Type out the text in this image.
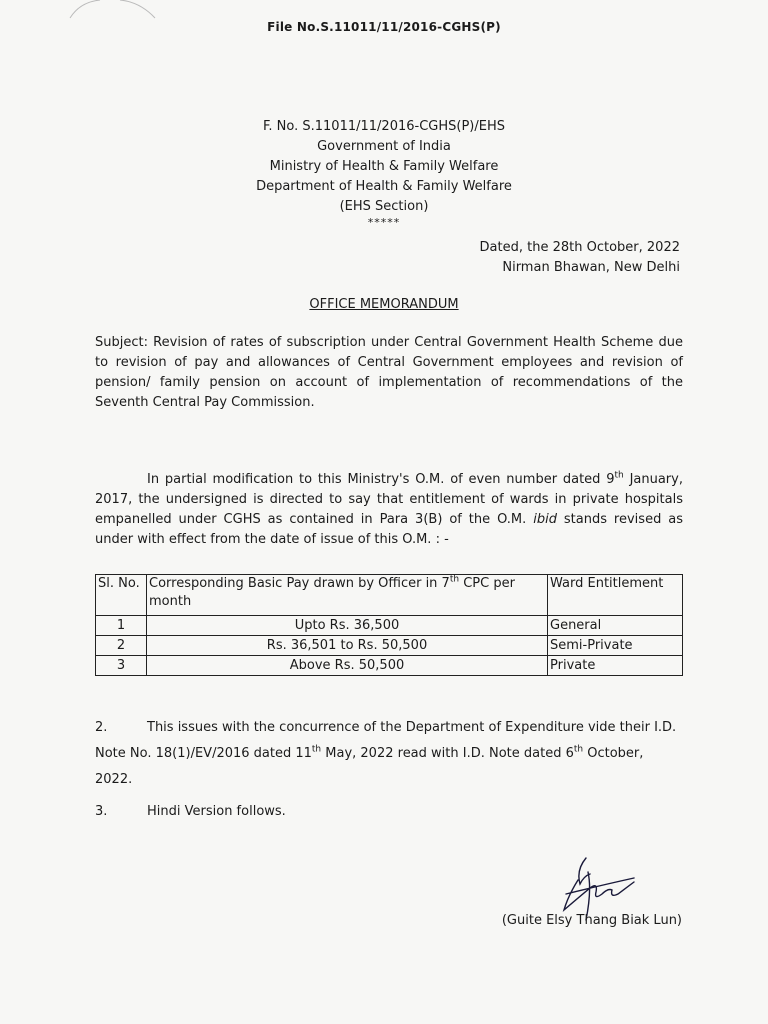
File No.S.11011/11/2016-CGHS(P)
F. No. S.11011/11/2016-CGHS(P)/EHS
Government of India
Ministry of Health & Family Welfare
Department of Health & Family Welfare
(EHS Section)
*****
Dated, the 28th October, 2022
Nirman Bhawan, New Delhi
OFFICE MEMORANDUM
Subject: Revision of rates of subscription under Central Government Health Scheme due to revision of pay and allowances of Central Government employees and revision of pension/ family pension on account of implementation of recommendations of the Seventh Central Pay Commission.
In partial modification to this Ministry's O.M. of even number dated 9th January, 2017, the undersigned is directed to say that entitlement of wards in private hospitals empanelled under CGHS as contained in Para 3(B) of the O.M. ibid stands revised as under with effect from the date of issue of this O.M. : -
Sl. No.	Corresponding Basic Pay drawn by Officer in 7th CPC per month	Ward Entitlement
1	Upto Rs. 36,500	General
2	Rs. 36,501 to Rs. 50,500	Semi-Private
3	Above Rs. 50,500	Private
2.	This issues with the concurrence of the Department of Expenditure vide their I.D. Note No. 18(1)/EV/2016 dated 11th May, 2022 read with I.D. Note dated 6th October, 2022.
3.	Hindi Version follows.
(Guite Elsy Thang Biak Lun)
